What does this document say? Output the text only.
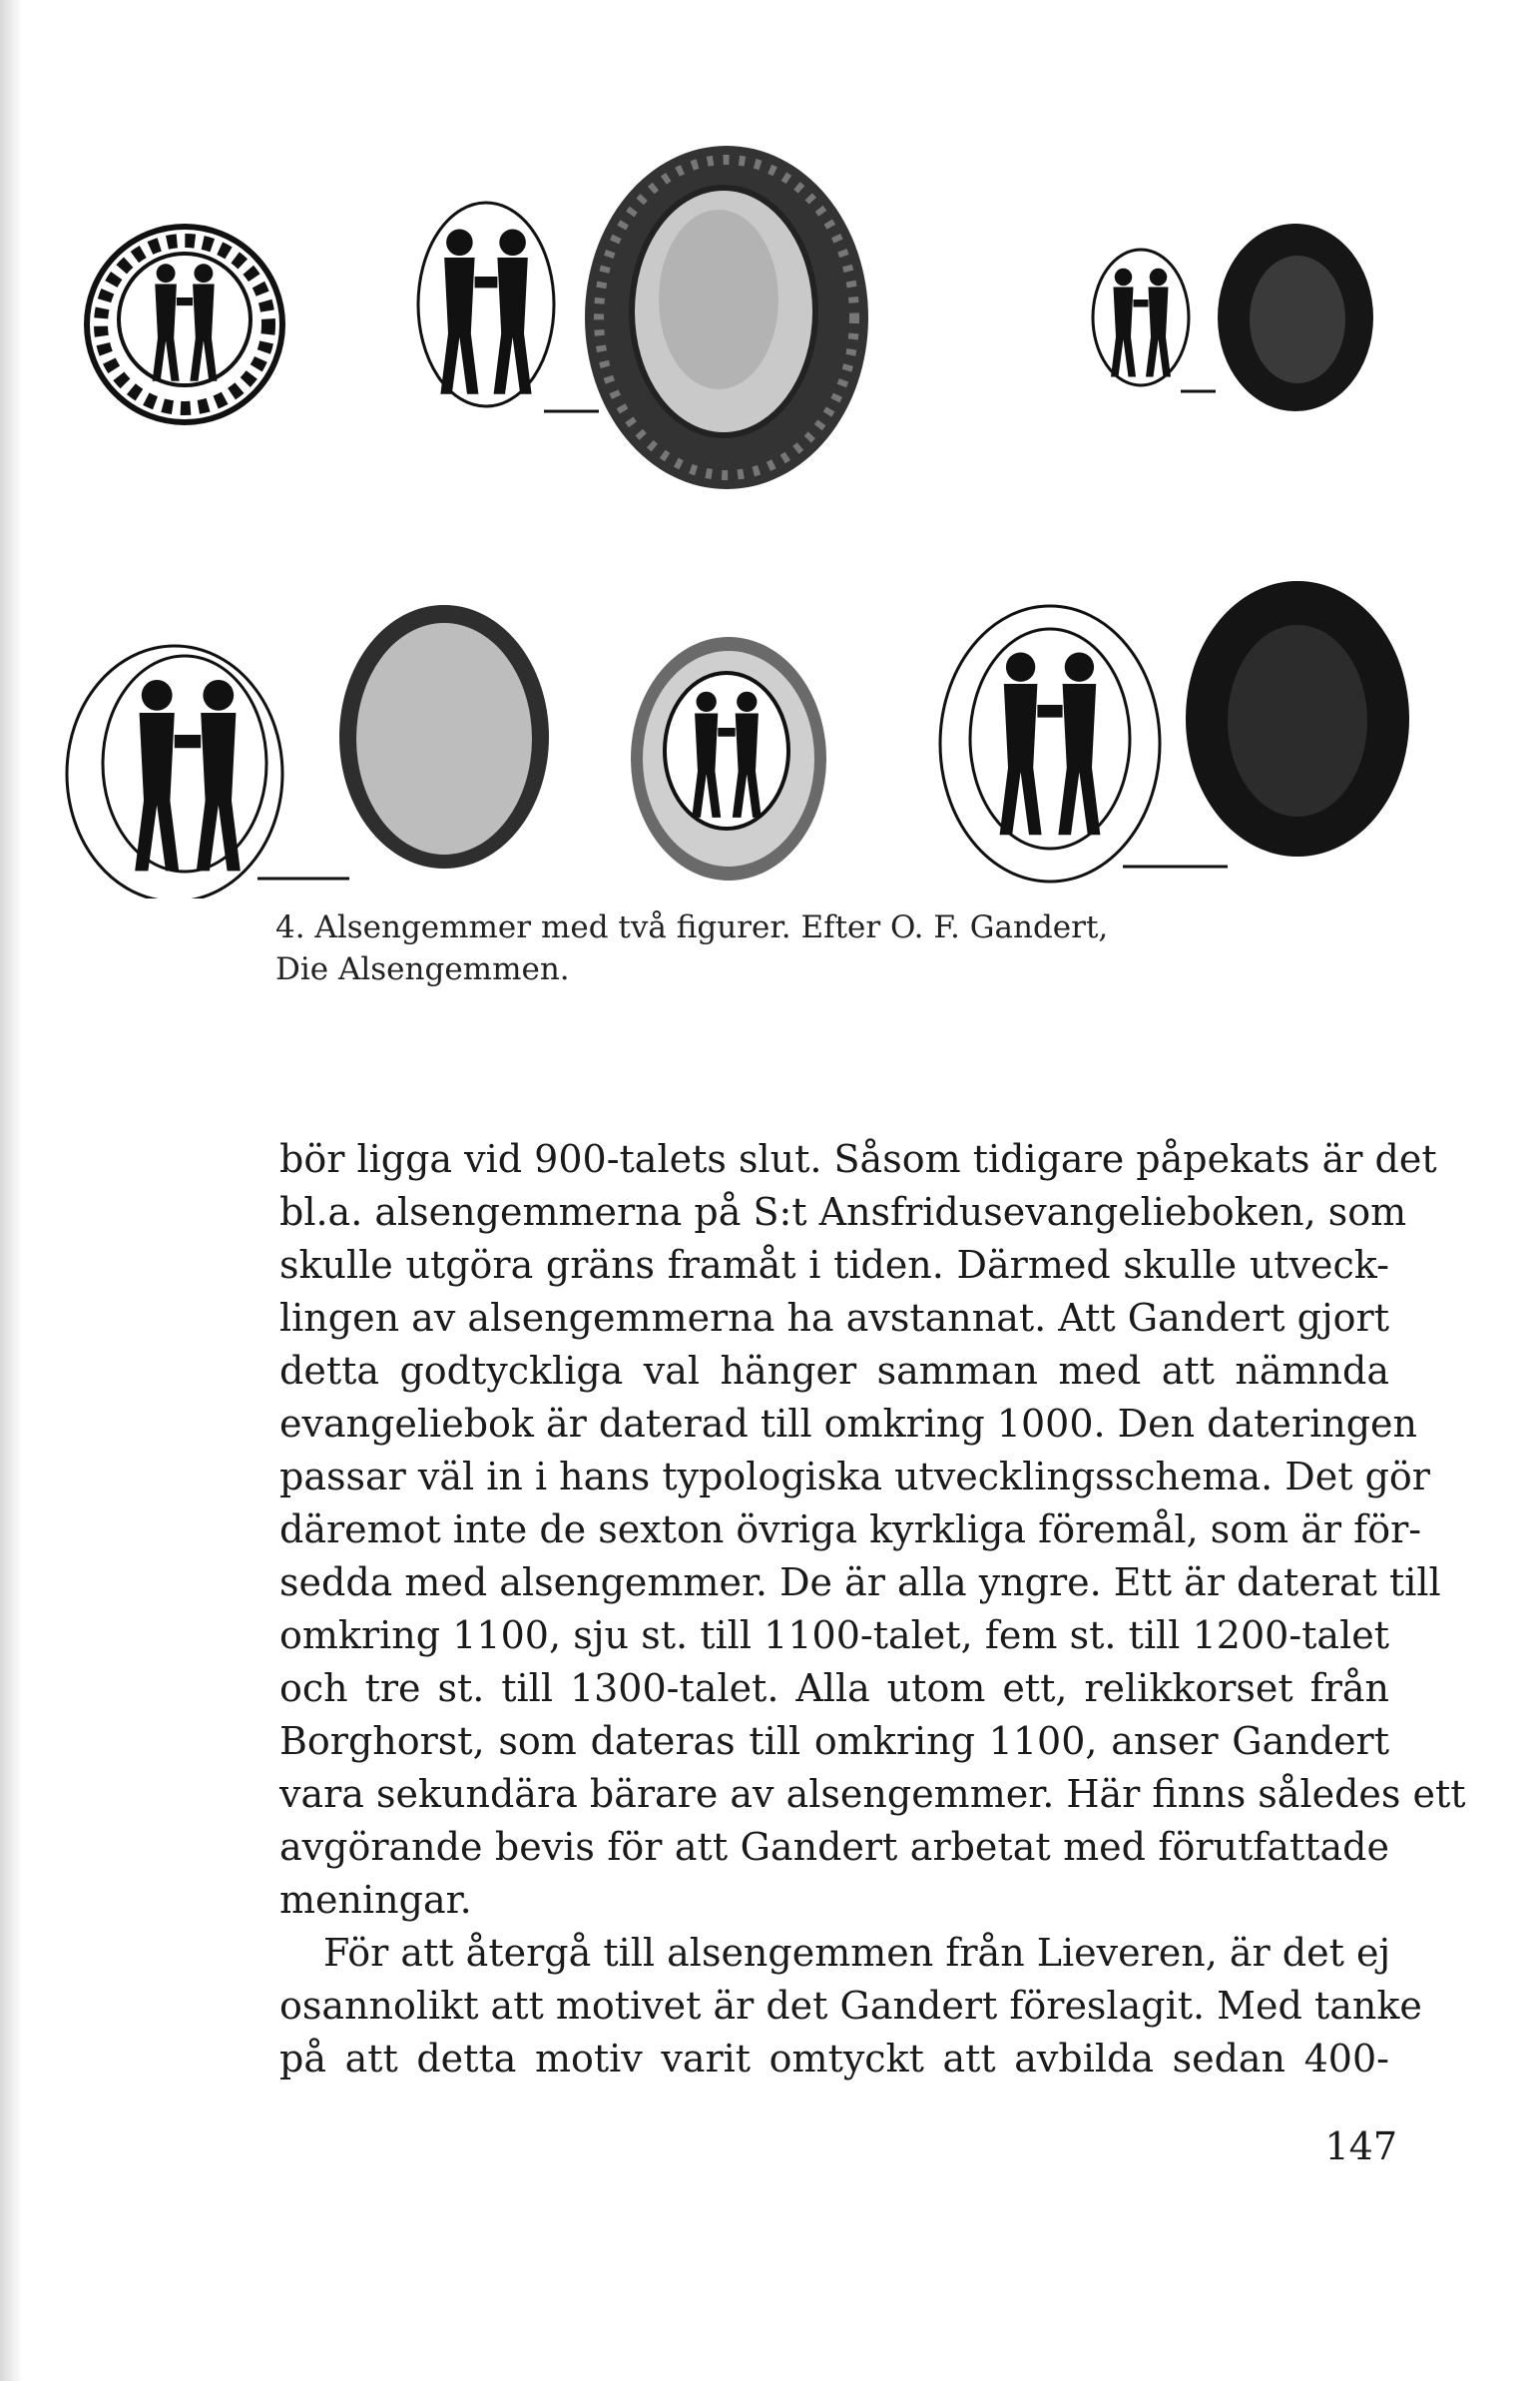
4. Alsengemmer med två figurer. Efter O. F. Gandert,
Die Alsengemmen.
bör ligga vid 900-talets slut. Såsom tidigare påpekats är det
bl.a. alsengemmerna på S:t Ansfridusevangelieboken, som
skulle utgöra gräns framåt i tiden. Därmed skulle utveck-
lingen av alsengemmerna ha avstannat. Att Gandert gjort
detta godtyckliga val hänger samman med att nämnda
evangeliebok är daterad till omkring 1000. Den dateringen
passar väl in i hans typologiska utvecklingsschema. Det gör
däremot inte de sexton övriga kyrkliga föremål, som är för-
sedda med alsengemmer. De är alla yngre. Ett är daterat till
omkring 1100, sju st. till 1100-talet, fem st. till 1200-talet
och tre st. till 1300-talet. Alla utom ett, relikkorset från
Borghorst, som dateras till omkring 1100, anser Gandert
vara sekundära bärare av alsengemmer. Här finns således ett
avgörande bevis för att Gandert arbetat med förutfattade
meningar.
För att återgå till alsengemmen från Lieveren, är det ej
osannolikt att motivet är det Gandert föreslagit. Med tanke
på att detta motiv varit omtyckt att avbilda sedan 400-
147
